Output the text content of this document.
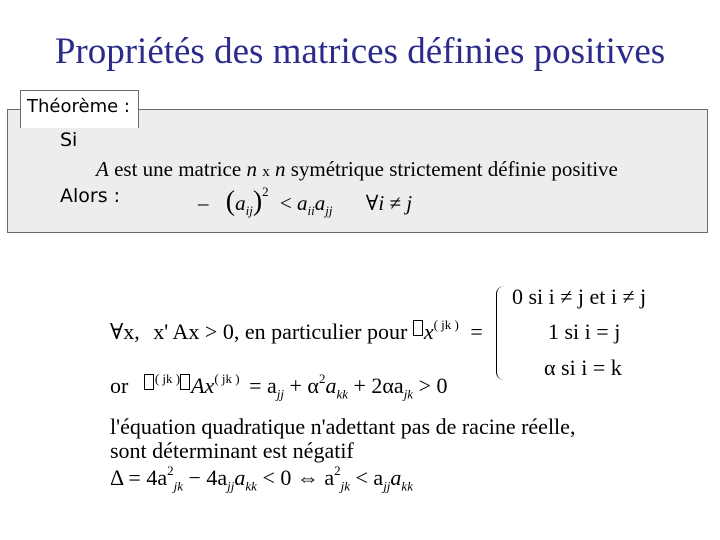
Propriétés des matrices définies positives
Théorème :
Si
A est une matrice n x n symétrique strictement définie positive
Alors :	– $(a_{ij})^2 < a_{ii}a_{jj}$ ∀i ≠ j
∀x, x' Ax > 0, en particulier pour $x^{( jk )}$ =
0 si i ≠ j et i ≠ j
1 si i = j
α si i = k
or $^{( jk )}$ $Ax^{( jk )} = a_{jj} + \alpha^2a_{kk} + 2\alpha a_{jk} > 0$
l'équation quadratique n'adettant pas de racine réelle,
sont déterminant est négatif
$\Delta = 4a^2_{jk} - 4a_{jj}a_{kk} < 0$ ⇔ $a^2_{jk} < a_{jj}a_{kk}$
